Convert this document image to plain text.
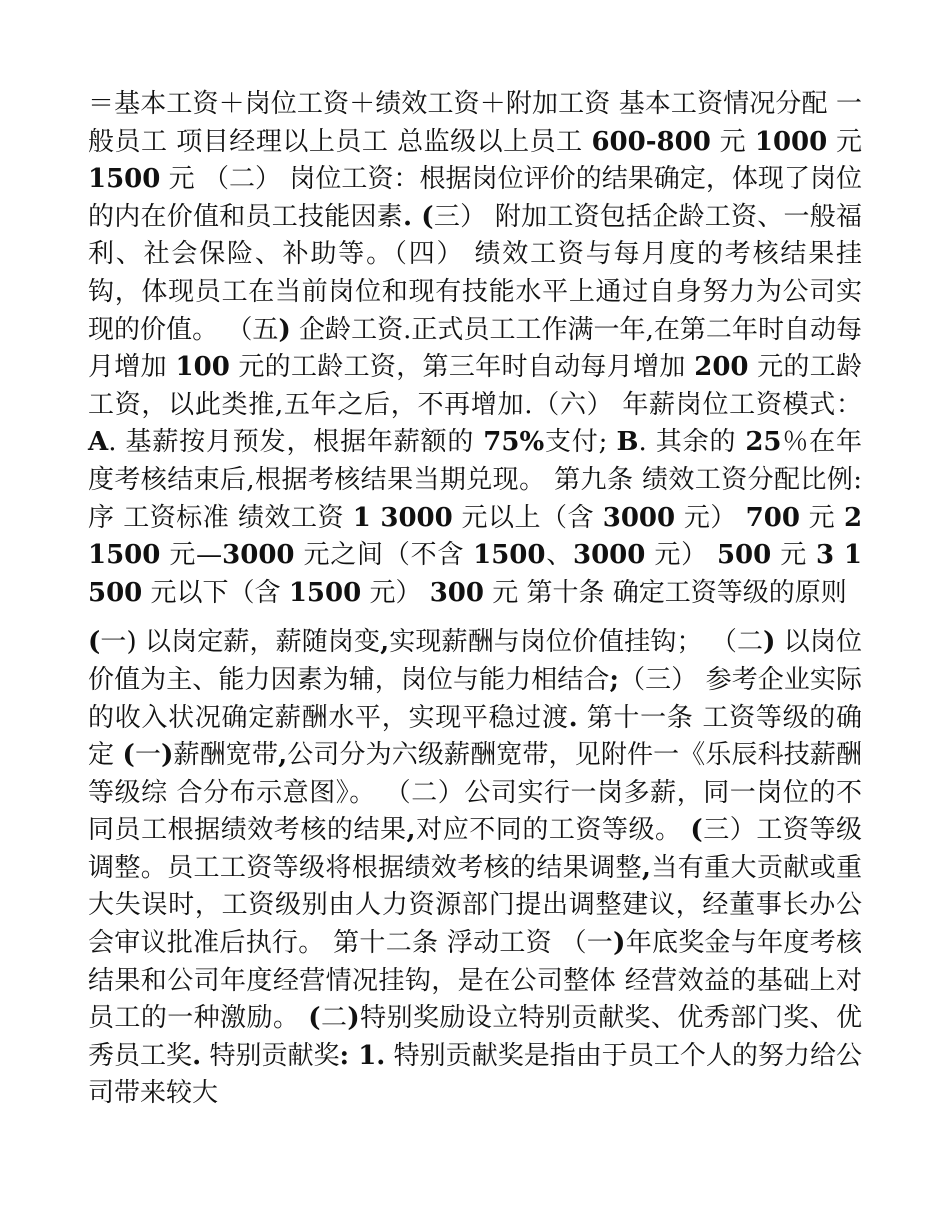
＝基本工资＋岗位工资＋绩效工资＋附加工资 基本工资情况分配 一般员工 项目经理以上员工 总监级以上员工 600-800 元 1000 元 1500 元 （二） 岗位工资：根据岗位评价的结果确定，体现了岗位的内在价值和员工技能因素. (三） 附加工资包括企龄工资、一般福利、社会保险、补助等。（四） 绩效工资与每月度的考核结果挂钩，体现员工在当前岗位和现有技能水平上通过自身努力为公司实现的价值。 （五) 企龄工资.正式员工工作满一年,在第二年时自动每月增加 100 元的工龄工资，第三年时自动每月增加 200 元的工龄工资，以此类推,五年之后，不再增加.（六） 年薪岗位工资模式：A. 基薪按月预发，根据年薪额的 75%支付; B. 其余的 25％在年度考核结束后,根据考核结果当期兑现。 第九条 绩效工资分配比例: 序 工资标准 绩效工资 1 3000 元以上（含 3000 元） 700 元 2 1500 元—3000 元之间（不含 1500、3000 元） 500 元 3 1500 元以下（含 1500 元） 300 元 第十条 确定工资等级的原则

(一) 以岗定薪，薪随岗变,实现薪酬与岗位价值挂钩； （二) 以岗位价值为主、能力因素为辅，岗位与能力相结合;（三） 参考企业实际的收入状况确定薪酬水平，实现平稳过渡. 第十一条 工资等级的确定 (一)薪酬宽带,公司分为六级薪酬宽带，见附件一《乐辰科技薪酬等级综 合分布示意图》。 （二）公司实行一岗多薪，同一岗位的不同员工根据绩效考核的结果,对应不同的工资等级。 (三）工资等级调整。员工工资等级将根据绩效考核的结果调整,当有重大贡献或重大失误时，工资级别由人力资源部门提出调整建议，经董事长办公会审议批准后执行。 第十二条 浮动工资 （一)年底奖金与年度考核结果和公司年度经营情况挂钩，是在公司整体 经营效益的基础上对员工的一种激励。 (二)特别奖励设立特别贡献奖、优秀部门奖、优秀员工奖. 特别贡献奖: 1. 特别贡献奖是指由于员工个人的努力给公司带来较大
